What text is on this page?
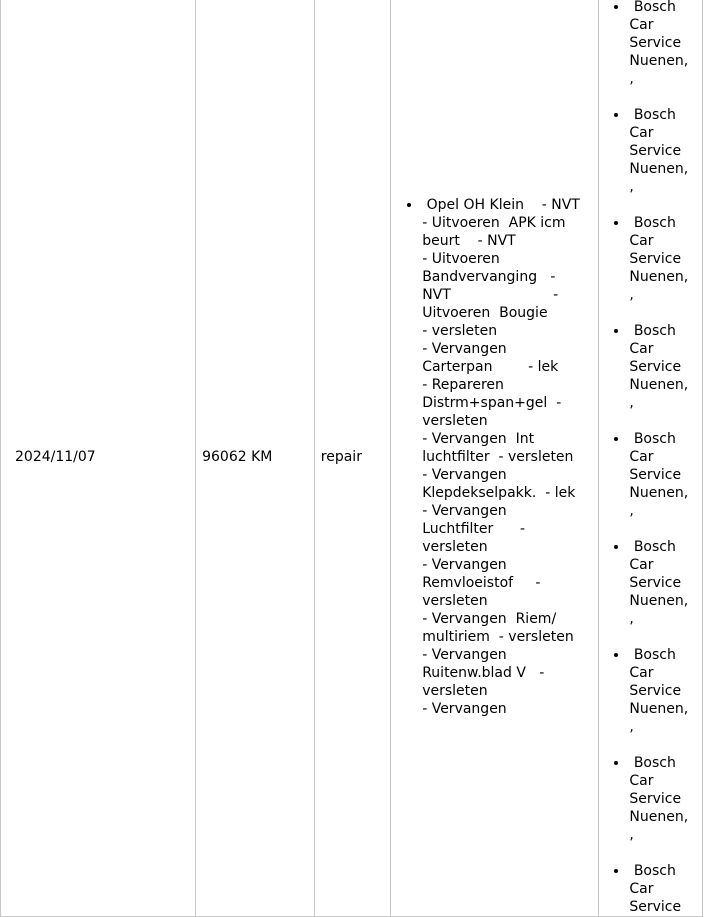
2024/11/07	96062 KM	repair

•  Opel OH Klein    - NVT
- Uitvoeren  APK icm
beurt    - NVT
- Uitvoeren
Bandvervanging   -
NVT                       -
Uitvoeren  Bougie
- versleten
- Vervangen
Carterpan        - lek
- Repareren
Distrm+span+gel  -
versleten
- Vervangen  Int
luchtfilter  - versleten
- Vervangen
Klepdekselpakk.  - lek
- Vervangen
Luchtfilter      -
versleten
- Vervangen
Remvloeistof     -
versleten
- Vervangen  Riem/
multiriem  - versleten
- Vervangen
Ruitenw.blad V   -
versleten
- Vervangen

•  Bosch
Car
Service
Nuenen,
,
•  Bosch
Car
Service
Nuenen,
,
•  Bosch
Car
Service
Nuenen,
,
•  Bosch
Car
Service
Nuenen,
,
•  Bosch
Car
Service
Nuenen,
,
•  Bosch
Car
Service
Nuenen,
,
•  Bosch
Car
Service
Nuenen,
,
•  Bosch
Car
Service
Nuenen,
,
•  Bosch
Car
Service
